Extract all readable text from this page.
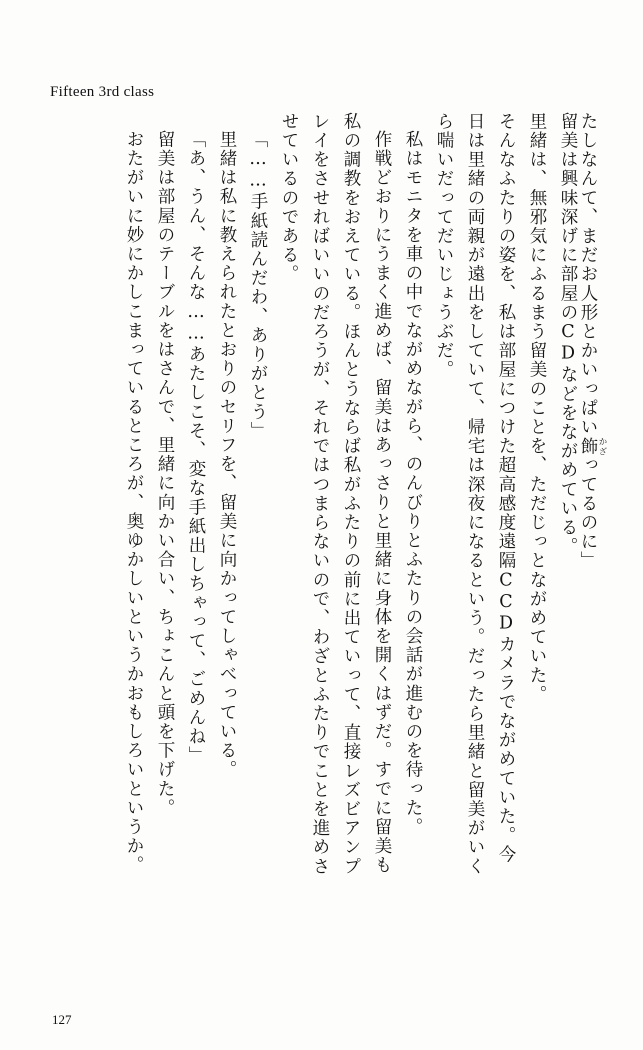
Fifteen 3rd class
たしなんて、まだお人形とかいっぱい飾 かざってるのに」
留美は興味深げに部屋のCDなどをながめている。
里緒は、無邪気にふるまう留美のことを、ただじっとながめていた。
そんなふたりの姿を、私は部屋につけた超高感度遠隔CCDカメラでながめていた。今
日は里緒の両親が遠出をしていて、帰宅は深夜になるという。だったら里緒と留美がいく
ら喘いだってだいじょうぶだ。
私はモニタを車の中でながめながら、のんびりとふたりの会話が進むのを待った。
作戦どおりにうまく進めば、留美はあっさりと里緒に身体を開くはずだ。すでに留美も
私の調教をおえている。ほんとうならば私がふたりの前に出ていって、直接レズビアンプ
レイをさせればいいのだろうが、それではつまらないので、わざとふたりでことを進めさ
せているのである。
「……手紙読んだわ、ありがとう」
里緒は私に教えられたとおりのセリフを、留美に向かってしゃべっている。
「あ、うん、そんな……あたしこそ、変な手紙出しちゃって、ごめんね」
留美は部屋のテーブルをはさんで、里緒に向かい合い、ちょこんと頭を下げた。
おたがいに妙にかしこまっているところが、奥ゆかしいというかおもしろいというか。
127
